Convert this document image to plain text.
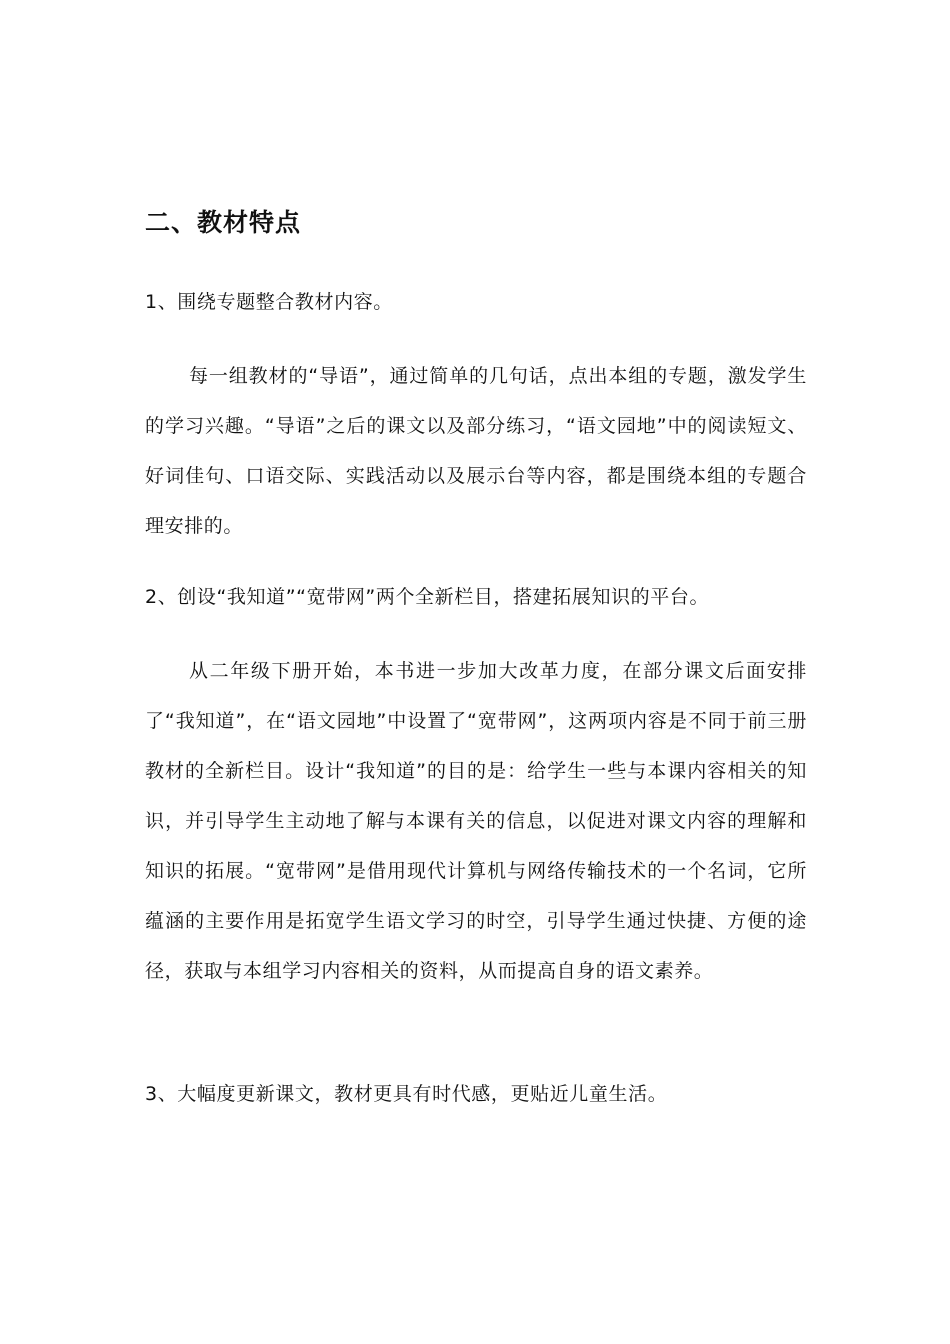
二、教材特点
1、围绕专题整合教材内容。
每一组教材的“导语”，通过简单的几句话，点出本组的专题，激发学生的学习兴趣。“导语”之后的课文以及部分练习，“语文园地”中的阅读短文、好词佳句、口语交际、实践活动以及展示台等内容，都是围绕本组的专题合理安排的。
2、创设“我知道”“宽带网”两个全新栏目，搭建拓展知识的平台。
从二年级下册开始，本书进一步加大改革力度，在部分课文后面安排了“我知道”，在“语文园地”中设置了“宽带网”，这两项内容是不同于前三册教材的全新栏目。设计“我知道”的目的是：给学生一些与本课内容相关的知识，并引导学生主动地了解与本课有关的信息，以促进对课文内容的理解和知识的拓展。“宽带网”是借用现代计算机与网络传输技术的一个名词，它所蕴涵的主要作用是拓宽学生语文学习的时空，引导学生通过快捷、方便的途径，获取与本组学习内容相关的资料，从而提高自身的语文素养。
3、大幅度更新课文，教材更具有时代感，更贴近儿童生活。
